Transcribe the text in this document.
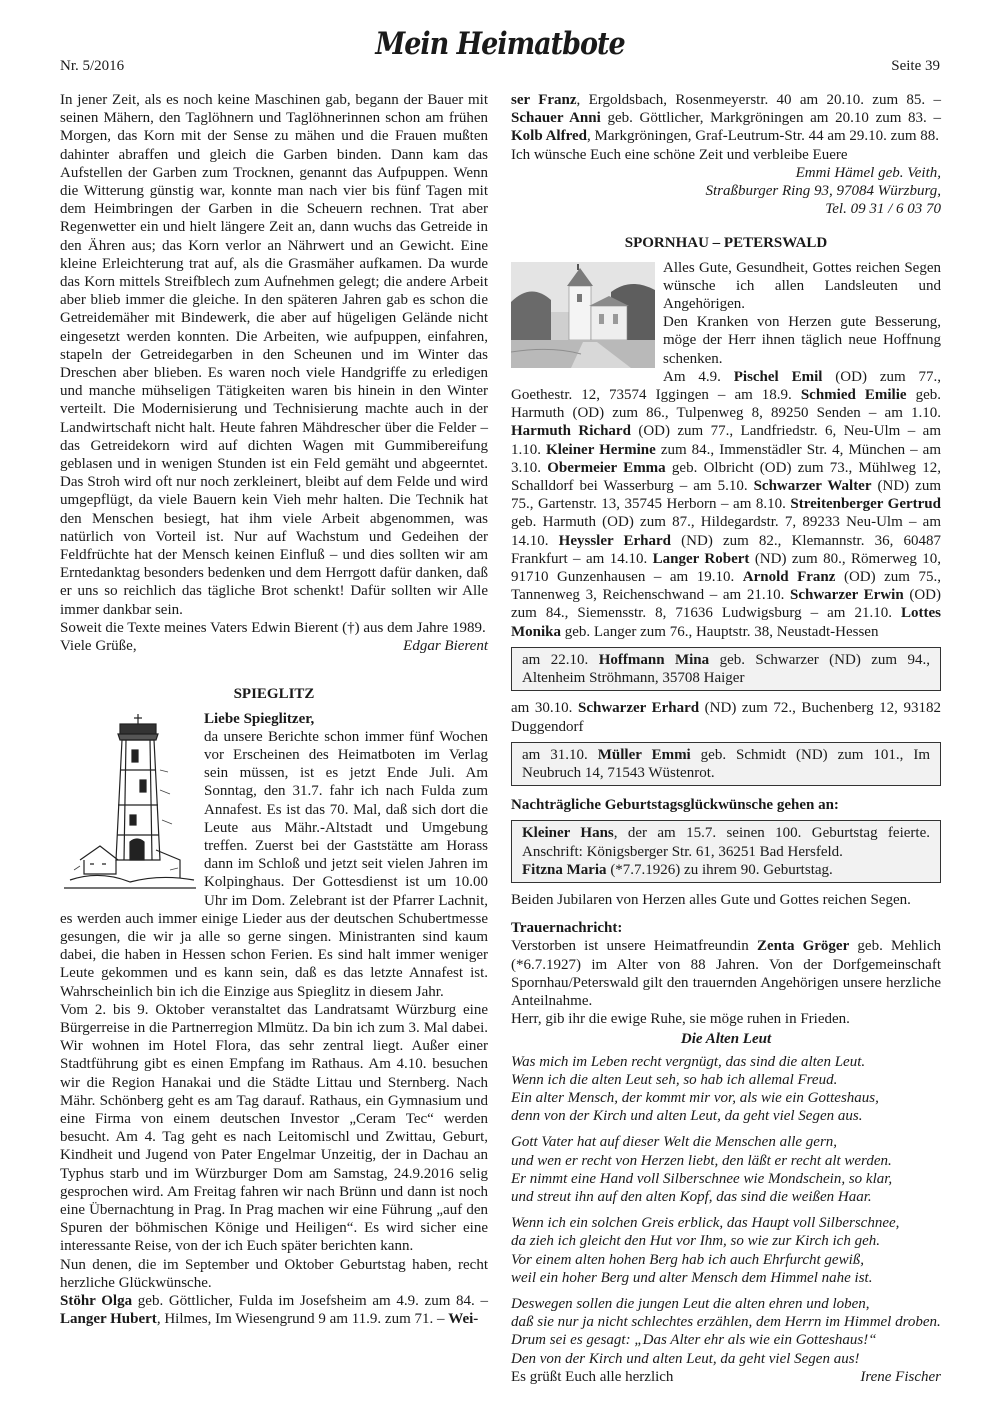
Nr. 5/2016
Mein Heimatbote
Seite 39

In jener Zeit, als es noch keine Maschinen gab, begann der Bauer mit seinen Mähern, den Taglöhnern und Taglöhnerinnen schon am frühen Morgen, das Korn mit der Sense zu mähen und die Frauen mußten dahinter abraffen und gleich die Garben binden. Dann kam das Aufstellen der Garben zum Trocknen, genannt das Aufpuppen. Wenn die Witterung günstig war, konnte man nach vier bis fünf Tagen mit dem Heimbringen der Garben in die Scheuern rechnen. Trat aber Regenwetter ein und hielt längere Zeit an, dann wuchs das Getreide in den Ähren aus; das Korn verlor an Nährwert und an Gewicht. Eine kleine Erleichterung trat auf, als die Grasmäher aufkamen. Da wurde das Korn mittels Streifblech zum Aufnehmen gelegt; die andere Arbeit aber blieb immer die gleiche. In den späteren Jahren gab es schon die Getreidemäher mit Bindewerk, die aber auf hügeligen Gelände nicht eingesetzt werden konnten. Die Arbeiten, wie aufpuppen, einfahren, stapeln der Getreidegarben in den Scheunen und im Winter das Dreschen aber blieben. Es waren noch viele Handgriffe zu erledigen und manche mühseligen Tätigkeiten waren bis hinein in den Winter verteilt. Die Modernisierung und Technisierung machte auch in der Landwirtschaft nicht halt. Heute fahren Mähdrescher über die Felder – das Getreidekorn wird auf dichten Wagen mit Gummibereifung geblasen und in wenigen Stunden ist ein Feld gemäht und abgeerntet. Das Stroh wird oft nur noch zerkleinert, bleibt auf dem Felde und wird umgepflügt, da viele Bauern kein Vieh mehr halten. Die Technik hat den Menschen besiegt, hat ihm viele Arbeit abgenommen, was natürlich von Vorteil ist. Nur auf Wachstum und Gedeihen der Feldfrüchte hat der Mensch keinen Einfluß – und dies sollten wir am Erntedanktag besonders bedenken und dem Herrgott dafür danken, daß er uns so reichlich das tägliche Brot schenkt! Dafür sollten wir Alle immer dankbar sein.

Soweit die Texte meines Vaters Edwin Bierent (†) aus dem Jahre 1989.

Viele Grüße,	Edgar Bierent
SPIEGLITZ

Liebe Spieglitzer,

da unsere Berichte schon immer fünf Wochen vor Erscheinen des Heimatboten im Verlag sein müssen, ist es jetzt Ende Juli. Am Sonntag, den 31.7. fahr ich nach Fulda zum Annafest. Es ist das 70. Mal, daß sich dort die Leute aus Mähr.-Altstadt und Umgebung treffen. Zuerst bei der Gaststätte am Horass dann im Schloß und jetzt seit vielen Jahren im Kolpinghaus. Der Gottesdienst ist um 10.00 Uhr im Dom. Zelebrant ist der Pfarrer Lachnit, es werden auch immer einige Lieder aus der deutschen Schubertmesse gesungen, die wir ja alle so gerne singen. Ministranten sind kaum dabei, die haben in Hessen schon Ferien. Es sind halt immer weniger Leute gekommen und es kann sein, daß es das letzte Annafest ist. Wahrscheinlich bin ich die Einzige aus Spieglitz in diesem Jahr.

Vom 2. bis 9. Oktober veranstaltet das Landratsamt Würzburg eine Bürgerreise in die Partnerregion Mlmütz. Da bin ich zum 3. Mal dabei. Wir wohnen im Hotel Flora, das sehr zentral liegt. Außer einer Stadtführung gibt es einen Empfang im Rathaus. Am 4.10. besuchen wir die Region Hanakai und die Städte Littau und Sternberg. Nach Mähr. Schönberg geht es am Tag darauf. Rathaus, ein Gymnasium und eine Firma von einem deutschen Investor „Ceram Tec“ werden besucht. Am 4. Tag geht es nach Leitomischl und Zwittau, Geburt, Kindheit und Jugend von Pater Engelmar Unzeitig, der in Dachau an Typhus starb und im Würzburger Dom am Samstag, 24.9.2016 selig gesprochen wird. Am Freitag fahren wir nach Brünn und dann ist noch eine Übernachtung in Prag. In Prag machen wir eine Führung „auf den Spuren der böhmischen Könige und Heiligen“. Es wird sicher eine interessante Reise, von der ich Euch später berichten kann.

Nun denen, die im September und Oktober Geburtstag haben, recht herzliche Glückwünsche.

Stöhr Olga geb. Göttlicher, Fulda im Josefsheim am 4.9. zum 84. – Langer Hubert, Hilmes, Im Wiesengrund 9 am 11.9. zum 71. – Wei-

ser Franz, Ergoldsbach, Rosenmeyerstr. 40 am 20.10. zum 85. – Schauer Anni geb. Göttlicher, Markgröningen am 20.10 zum 83. – Kolb Alfred, Markgröningen, Graf-Leutrum-Str. 44 am 29.10. zum 88.

Ich wünsche Euch eine schöne Zeit und verbleibe Euere

Emmi Hämel geb. Veith,

Straßburger Ring 93, 97084 Würzburg,

Tel. 09 31 / 6 03 70

SPORNHAU – PETERSWALD

Alles Gute, Gesundheit, Gottes reichen Segen wünsche ich allen Landsleuten und Angehörigen.

Den Kranken von Herzen gute Besserung, möge der Herr ihnen täglich neue Hoffnung schenken.

Am 4.9. Pischel Emil (OD) zum 77., Goethestr. 12, 73574 Iggingen – am 18.9. Schmied Emilie geb. Harmuth (OD) zum 86., Tulpenweg 8, 89250 Senden – am 1.10. Harmuth Richard (OD) zum 77., Landfriedstr. 6, Neu-Ulm – am 1.10. Kleiner Hermine zum 84., Immenstädler Str. 4, München – am 3.10. Obermeier Emma geb. Olbricht (OD) zum 73., Mühlweg 12, Schalldorf bei Wasserburg – am 5.10. Schwarzer Walter (ND) zum 75., Gartenstr. 13, 35745 Herborn – am 8.10. Streitenberger Gertrud geb. Harmuth (OD) zum 87., Hildegardstr. 7, 89233 Neu-Ulm – am 14.10. Heyssler Erhard (ND) zum 82., Klemannstr. 36, 60487 Frankfurt – am 14.10. Langer Robert (ND) zum 80., Römerweg 10, 91710 Gunzenhausen – am 19.10. Arnold Franz (OD) zum 75., Tannenweg 3, Reichenschwand – am 21.10. Schwarzer Erwin (OD) zum 84., Siemensstr. 8, 71636 Ludwigsburg – am 21.10. Lottes Monika geb. Langer zum 76., Hauptstr. 38, Neustadt-Hessen

am 22.10. Hoffmann Mina geb. Schwarzer (ND) zum 94., Altenheim Ströhmann, 35708 Haiger

am 30.10. Schwarzer Erhard (ND) zum 72., Buchenberg 12, 93182 Duggendorf

am 31.10. Müller Emmi geb. Schmidt (ND) zum 101., Im Neubruch 14, 71543 Wüstenrot.

Nachträgliche Geburtstagsglückwünsche gehen an:

Kleiner Hans, der am 15.7. seinen 100. Geburtstag feierte. Anschrift: Königsberger Str. 61, 36251 Bad Hersfeld.
Fitzna Maria (*7.7.1926) zu ihrem 90. Geburtstag.

Beiden Jubilaren von Herzen alles Gute und Gottes reichen Segen.

Trauernachricht:

Verstorben ist unsere Heimatfreundin Zenta Gröger geb. Mehlich (*6.7.1927) im Alter von 88 Jahren. Von der Dorfgemeinschaft Spornhau/Peterswald gilt den trauernden Angehörigen unsere herzliche Anteilnahme.

Herr, gib ihr die ewige Ruhe, sie möge ruhen in Frieden.

Die Alten Leut

Was mich im Leben recht vergnügt, das sind die alten Leut.

Wenn ich die alten Leut seh, so hab ich allemal Freud.

Ein alter Mensch, der kommt mir vor, als wie ein Gotteshaus,

denn von der Kirch und alten Leut, da geht viel Segen aus.

Gott Vater hat auf dieser Welt die Menschen alle gern,

und wen er recht von Herzen liebt, den läßt er recht alt werden.

Er nimmt eine Hand voll Silberschnee wie Mondschein, so klar,

und streut ihn auf den alten Kopf, das sind die weißen Haar.

Wenn ich ein solchen Greis erblick, das Haupt voll Silberschnee,

da zieh ich gleicht den Hut vor Ihm, so wie zur Kirch ich geh.

Vor einem alten hohen Berg hab ich auch Ehrfurcht gewiß,

weil ein hoher Berg und alter Mensch dem Himmel nahe ist.

Deswegen sollen die jungen Leut die alten ehren und loben,

daß sie nur ja nicht schlechtes erzählen, dem Herrn im Himmel droben.

Drum sei es gesagt: „Das Alter ehr als wie ein Gotteshaus!“

Den von der Kirch und alten Leut, da geht viel Segen aus!

Es grüßt Euch alle herzlich	Irene Fischer
